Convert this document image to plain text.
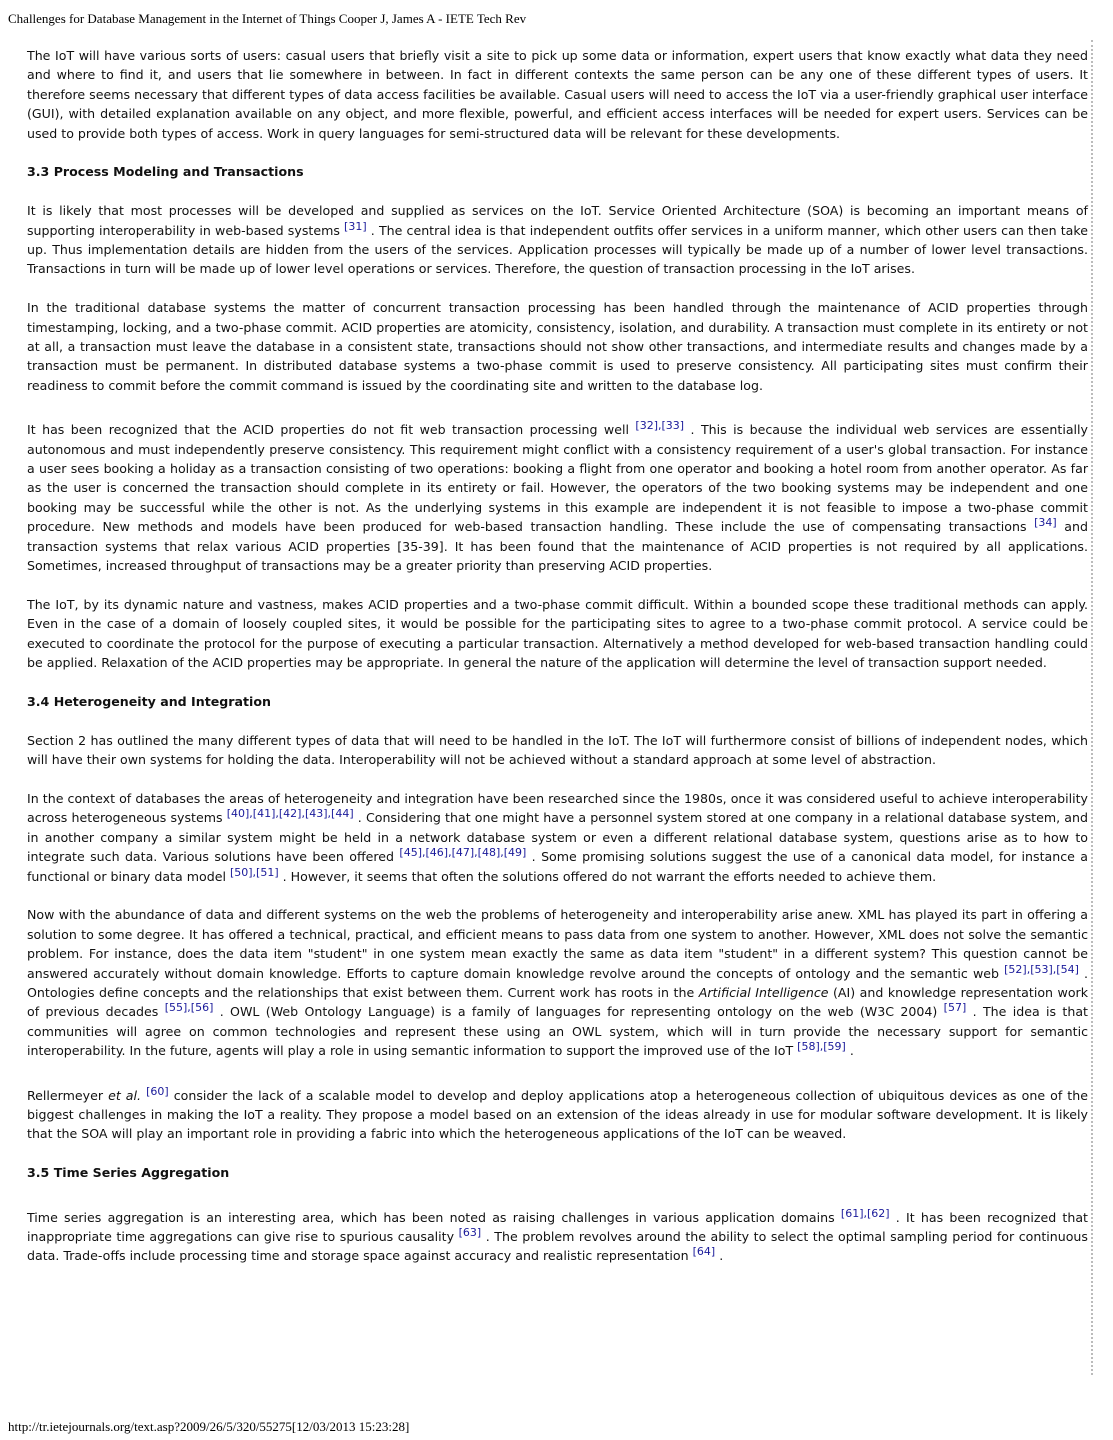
Challenges for Database Management in the Internet of Things Cooper J, James A - IETE Tech Rev

The IoT will have various sorts of users: casual users that briefly visit a site to pick up some data or information, expert users that know exactly what data they need and where to find it, and users that lie somewhere in between. In fact in different contexts the same person can be any one of these different types of users. It therefore seems necessary that different types of data access facilities be available. Casual users will need to access the IoT via a user-friendly graphical user interface (GUI), with detailed explanation available on any object, and more flexible, powerful, and efficient access interfaces will be needed for expert users. Services can be used to provide both types of access. Work in query languages for semi-structured data will be relevant for these developments.

3.3 Process Modeling and Transactions

It is likely that most processes will be developed and supplied as services on the IoT. Service Oriented Architecture (SOA) is becoming an important means of supporting interoperability in web-based systems [31] . The central idea is that independent outfits offer services in a uniform manner, which other users can then take up. Thus implementation details are hidden from the users of the services. Application processes will typically be made up of a number of lower level transactions. Transactions in turn will be made up of lower level operations or services. Therefore, the question of transaction processing in the IoT arises.

In the traditional database systems the matter of concurrent transaction processing has been handled through the maintenance of ACID properties through timestamping, locking, and a two-phase commit. ACID properties are atomicity, consistency, isolation, and durability. A transaction must complete in its entirety or not at all, a transaction must leave the database in a consistent state, transactions should not show other transactions, and intermediate results and changes made by a transaction must be permanent. In distributed database systems a two-phase commit is used to preserve consistency. All participating sites must confirm their readiness to commit before the commit command is issued by the coordinating site and written to the database log.

It has been recognized that the ACID properties do not fit web transaction processing well [32],[33] . This is because the individual web services are essentially autonomous and must independently preserve consistency. This requirement might conflict with a consistency requirement of a user's global transaction. For instance a user sees booking a holiday as a transaction consisting of two operations: booking a flight from one operator and booking a hotel room from another operator. As far as the user is concerned the transaction should complete in its entirety or fail. However, the operators of the two booking systems may be independent and one booking may be successful while the other is not. As the underlying systems in this example are independent it is not feasible to impose a two-phase commit procedure. New methods and models have been produced for web-based transaction handling. These include the use of compensating transactions [34] and transaction systems that relax various ACID properties [35-39]. It has been found that the maintenance of ACID properties is not required by all applications. Sometimes, increased throughput of transactions may be a greater priority than preserving ACID properties.

The IoT, by its dynamic nature and vastness, makes ACID properties and a two-phase commit difficult. Within a bounded scope these traditional methods can apply. Even in the case of a domain of loosely coupled sites, it would be possible for the participating sites to agree to a two-phase commit protocol. A service could be executed to coordinate the protocol for the purpose of executing a particular transaction. Alternatively a method developed for web-based transaction handling could be applied. Relaxation of the ACID properties may be appropriate. In general the nature of the application will determine the level of transaction support needed.

3.4 Heterogeneity and Integration

Section 2 has outlined the many different types of data that will need to be handled in the IoT. The IoT will furthermore consist of billions of independent nodes, which will have their own systems for holding the data. Interoperability will not be achieved without a standard approach at some level of abstraction.

In the context of databases the areas of heterogeneity and integration have been researched since the 1980s, once it was considered useful to achieve interoperability across heterogeneous systems [40],[41],[42],[43],[44] . Considering that one might have a personnel system stored at one company in a relational database system, and in another company a similar system might be held in a network database system or even a different relational database system, questions arise as to how to integrate such data. Various solutions have been offered [45],[46],[47],[48],[49] . Some promising solutions suggest the use of a canonical data model, for instance a functional or binary data model [50],[51] . However, it seems that often the solutions offered do not warrant the efforts needed to achieve them.

Now with the abundance of data and different systems on the web the problems of heterogeneity and interoperability arise anew. XML has played its part in offering a solution to some degree. It has offered a technical, practical, and efficient means to pass data from one system to another. However, XML does not solve the semantic problem. For instance, does the data item "student" in one system mean exactly the same as data item "student" in a different system? This question cannot be answered accurately without domain knowledge. Efforts to capture domain knowledge revolve around the concepts of ontology and the semantic web [52],[53],[54] . Ontologies define concepts and the relationships that exist between them. Current work has roots in the Artificial Intelligence (AI) and knowledge representation work of previous decades [55],[56] . OWL (Web Ontology Language) is a family of languages for representing ontology on the web (W3C 2004) [57] . The idea is that communities will agree on common technologies and represent these using an OWL system, which will in turn provide the necessary support for semantic interoperability. In the future, agents will play a role in using semantic information to support the improved use of the IoT [58],[59] .

Rellermeyer et al. [60] consider the lack of a scalable model to develop and deploy applications atop a heterogeneous collection of ubiquitous devices as one of the biggest challenges in making the IoT a reality. They propose a model based on an extension of the ideas already in use for modular software development. It is likely that the SOA will play an important role in providing a fabric into which the heterogeneous applications of the IoT can be weaved.

3.5 Time Series Aggregation

Time series aggregation is an interesting area, which has been noted as raising challenges in various application domains [61],[62] . It has been recognized that inappropriate time aggregations can give rise to spurious causality [63] . The problem revolves around the ability to select the optimal sampling period for continuous data. Trade-offs include processing time and storage space against accuracy and realistic representation [64] .

http://tr.ietejournals.org/text.asp?2009/26/5/320/55275[12/03/2013 15:23:28]
